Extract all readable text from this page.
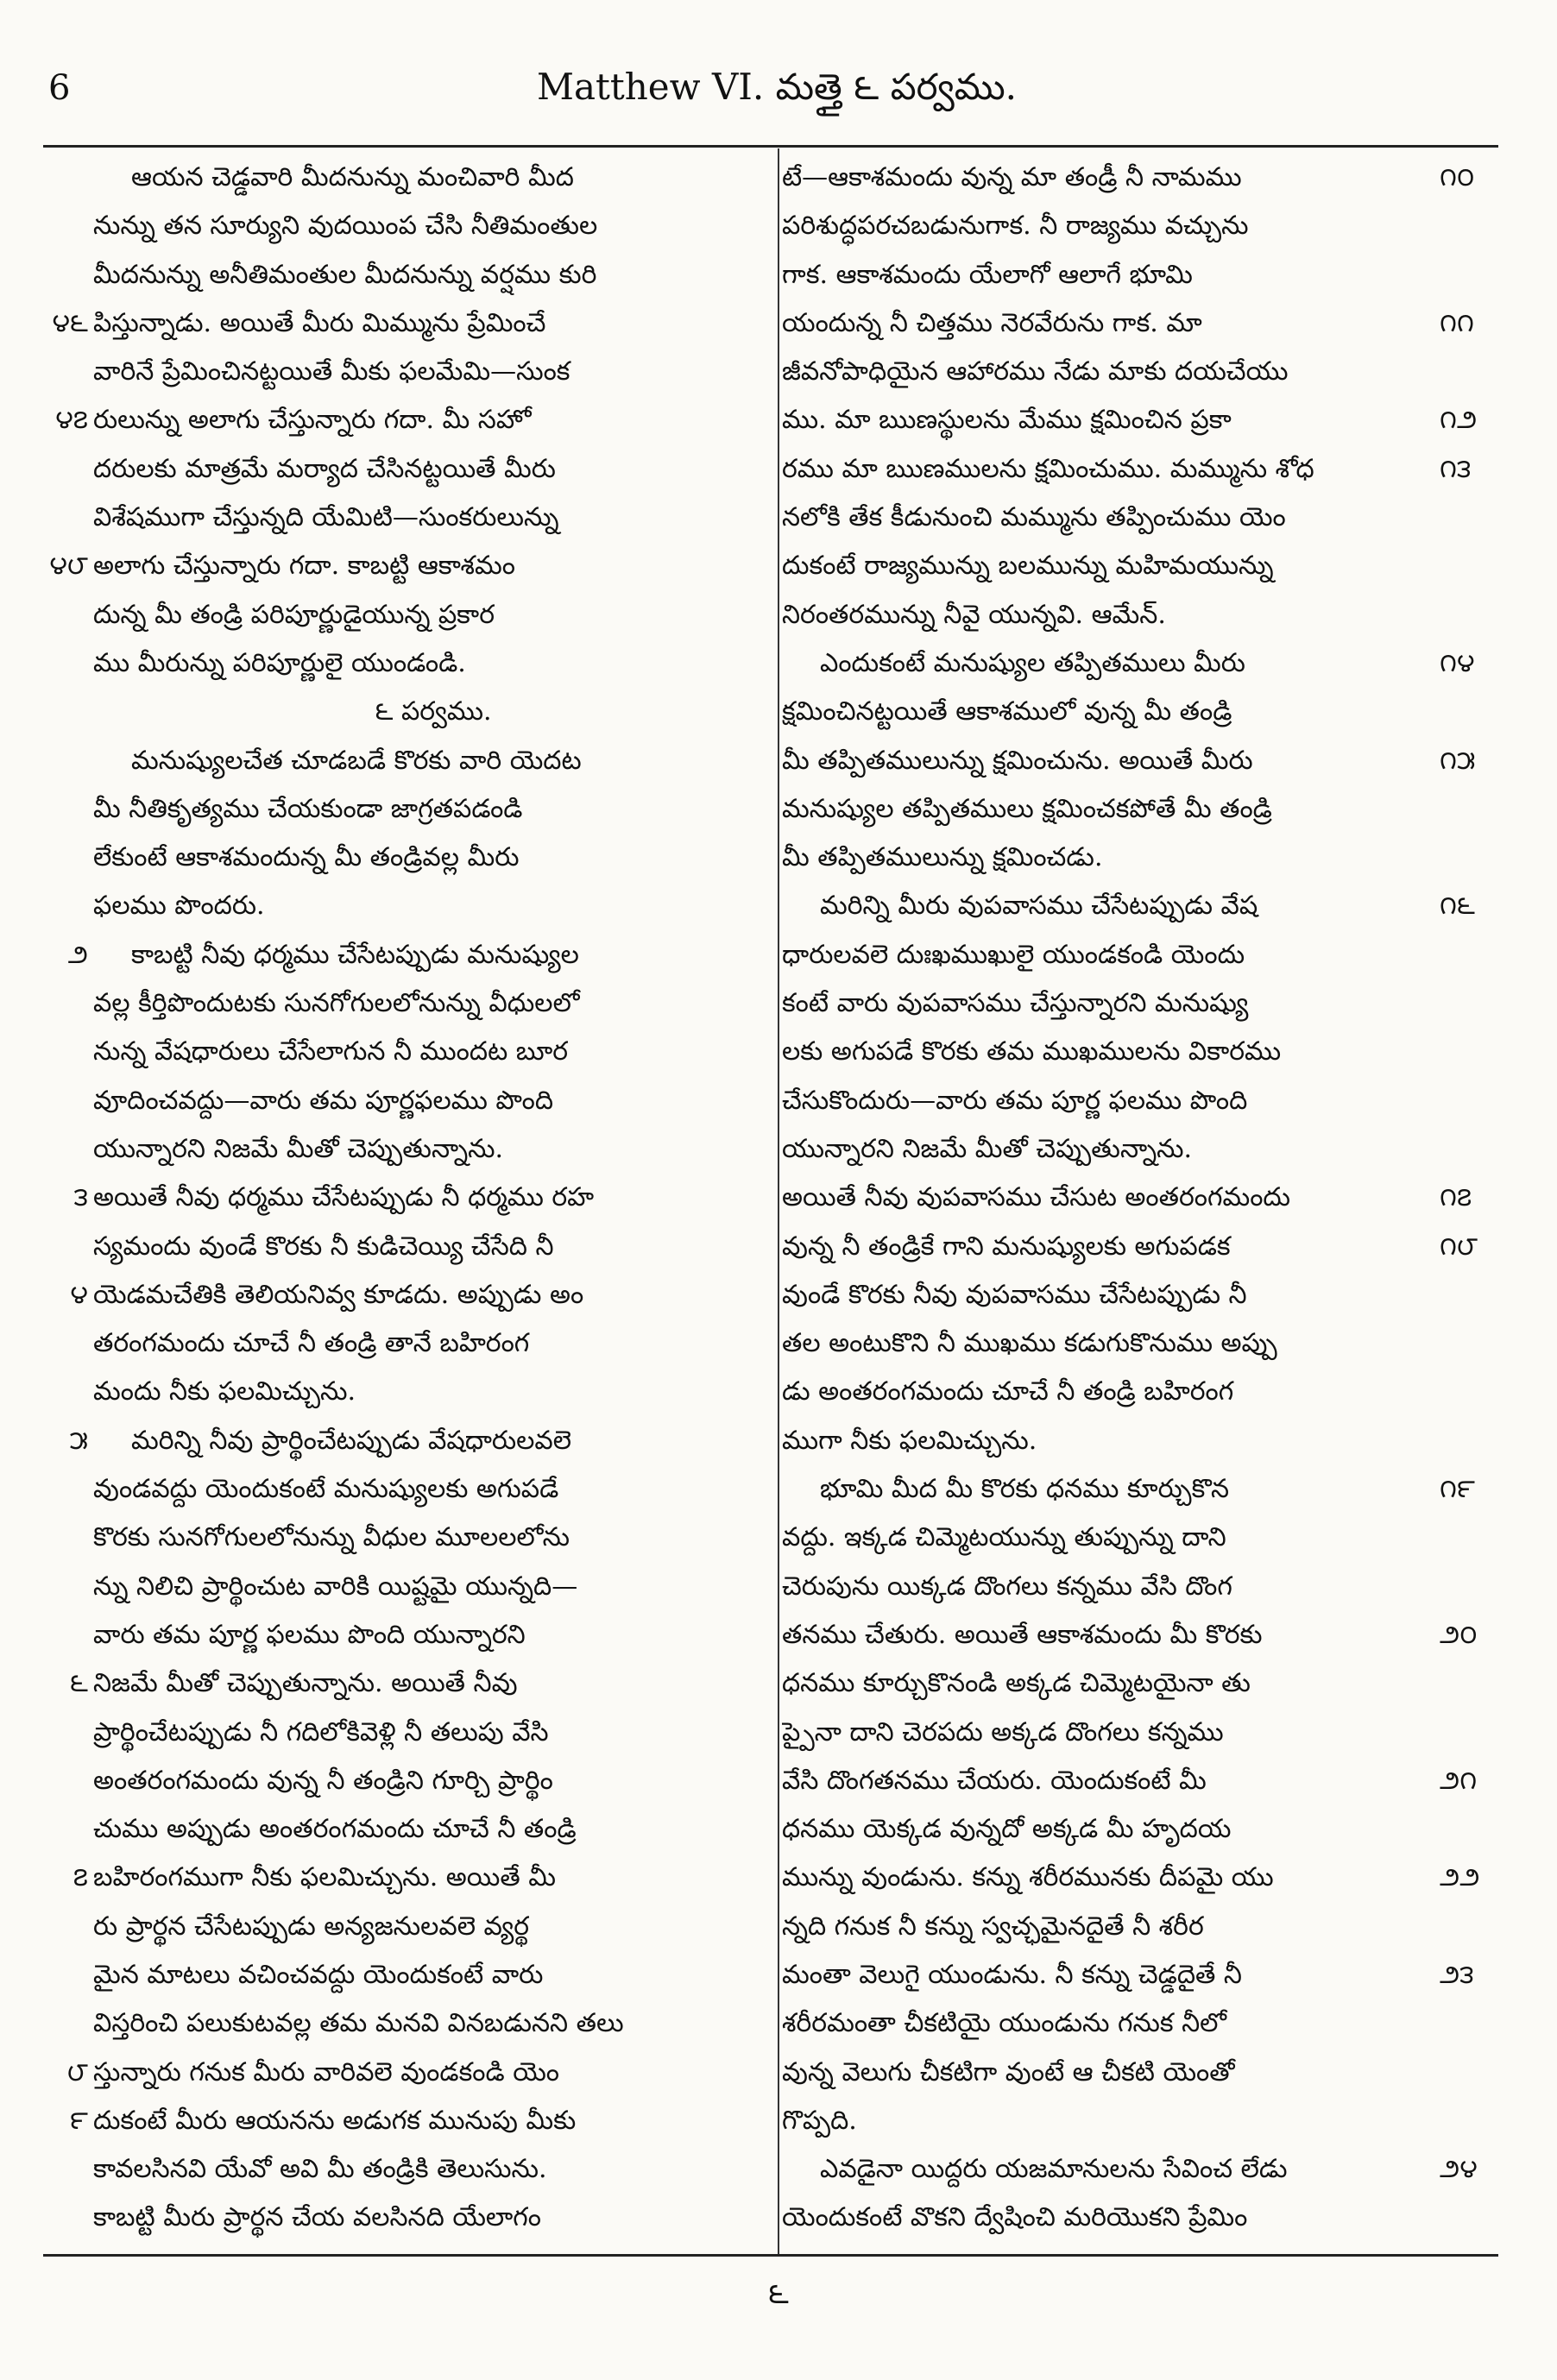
6	Matthew VI. మత్తై ౬ పర్వము.
ఆయన చెడ్డవారి మీదనున్ను మంచివారి మీద
నున్ను తన సూర్యుని వుదయింప చేసి నీతిమంతుల
మీదనున్ను అనీతిమంతుల మీదనున్ను వర్షము కురి
౪౬ పిస్తున్నాడు. అయితే మీరు మిమ్మును ప్రేమించే
వారినే ప్రేమించినట్టయితే మీకు ఫలమేమి—సుంక
౪౭ రులున్ను అలాగు చేస్తున్నారు గదా. మీ సహో
దరులకు మాత్రమే మర్యాద చేసినట్టయితే మీరు
విశేషముగా చేస్తున్నది యేమిటి—సుంకరులున్ను
౪౮ అలాగు చేస్తున్నారు గదా. కాబట్టి ఆకాశమం
దున్న మీ తండ్రి పరిపూర్ణుడైయున్న ప్రకార
ము మీరున్ను పరిపూర్ణులై యుండండి.
౬ పర్వము.
మనుష్యులచేత చూడబడే కొరకు వారి యెదట
మీ నీతికృత్యము చేయకుండా జాగ్రతపడండి
లేకుంటే ఆకాశమందున్న మీ తండ్రివల్ల మీరు
ఫలము పొందరు.
౨	కాబట్టి నీవు ధర్మము చేసేటప్పుడు మనుష్యుల
వల్ల కీర్తిపొందుటకు సునగోగులలోనున్ను వీధులలో
నున్న వేషధారులు చేసేలాగున నీ ముందట బూర
వూదించవద్దు—వారు తమ పూర్ణఫలము పొంది
యున్నారని నిజమే మీతో చెప్పుతున్నాను.
౩ అయితే నీవు ధర్మము చేసేటప్పుడు నీ ధర్మము రహ
స్యమందు వుండే కొరకు నీ కుడిచెయ్యి చేసేది నీ
౪ యెడమచేతికి తెలియనివ్వ కూడదు. అప్పుడు అం
తరంగమందు చూచే నీ తండ్రి తానే బహిరంగ
మందు నీకు ఫలమిచ్చును.
౫	మరిన్ని నీవు ప్రార్థించేటప్పుడు వేషధారులవలె
వుండవద్దు యెందుకంటే మనుష్యులకు అగుపడే
కొరకు సునగోగులలోనున్ను వీధుల మూలలలోను
న్ను నిలిచి ప్రార్థించుట వారికి యిష్టమై యున్నది—
వారు తమ పూర్ణ ఫలము పొంది యున్నారని
౬ నిజమే మీతో చెప్పుతున్నాను. అయితే నీవు
ప్రార్థించేటప్పుడు నీ గదిలోకివెళ్లి నీ తలుపు వేసి
అంతరంగమందు వున్న నీ తండ్రిని గూర్చి ప్రార్థిం
చుము అప్పుడు అంతరంగమందు చూచే నీ తండ్రి
౭ బహిరంగముగా నీకు ఫలమిచ్చును. అయితే మీ
రు ప్రార్థన చేసేటప్పుడు అన్యజనులవలె వ్యర్థ
మైన మాటలు వచించవద్దు యెందుకంటే వారు
విస్తరించి పలుకుటవల్ల తమ మనవి వినబడునని తలు
౮ స్తున్నారు గనుక మీరు వారివలె వుండకండి యెం
౯ దుకంటే మీరు ఆయనను అడుగక మునుపు మీకు
కావలసినవి యేవో అవి మీ తండ్రికి తెలుసును.
కాబట్టి మీరు ప్రార్థన చేయ వలసినది యేలాగం
౧౦
టే—ఆకాశమందు వున్న మా తండ్రీ నీ నామము
పరిశుద్ధపరచబడునుగాక. నీ రాజ్యము వచ్చును
గాక. ఆకాశమందు యేలాగో ఆలాగే భూమి
౧౧
యందున్న నీ చిత్తము నెరవేరును గాక. మా
జీవనోపాధియైన ఆహారము నేడు మాకు దయచేయు
౧౨
ము. మా ఋణస్థులను మేము క్షమించిన ప్రకా
౧౩
రము మా ఋణములను క్షమించుము. మమ్మును శోధ
నలోకి తేక కీడునుంచి మమ్మును తప్పించుము యెం
దుకంటే రాజ్యమున్ను బలమున్ను మహిమయున్ను
నిరంతరమున్ను నీవై యున్నవి. ఆమేన్.
౧౪
ఎందుకంటే మనుష్యుల తప్పితములు మీరు
క్షమించినట్టయితే ఆకాశములో వున్న మీ తండ్రి
౧౫
మీ తప్పితములున్ను క్షమించును. అయితే మీరు
మనుష్యుల తప్పితములు క్షమించకపోతే మీ తండ్రి
మీ తప్పితములున్ను క్షమించడు.
౧౬
మరిన్ని మీరు వుపవాసము చేసేటప్పుడు వేష
ధారులవలె దుఃఖముఖులై యుండకండి యెందు
కంటే వారు వుపవాసము చేస్తున్నారని మనుష్యు
లకు అగుపడే కొరకు తమ ముఖములను వికారము
చేసుకొందురు—వారు తమ పూర్ణ ఫలము పొంది
యున్నారని నిజమే మీతో చెప్పుతున్నాను.
౧౭
అయితే నీవు వుపవాసము చేసుట అంతరంగమందు
౧౮
వున్న నీ తండ్రికే గాని మనుష్యులకు అగుపడక
వుండే కొరకు నీవు వుపవాసము చేసేటప్పుడు నీ
తల అంటుకొని నీ ముఖము కడుగుకొనుము అప్పు
డు అంతరంగమందు చూచే నీ తండ్రి బహిరంగ
ముగా నీకు ఫలమిచ్చును.
౧౯
భూమి మీద మీ కొరకు ధనము కూర్చుకొన
వద్దు. ఇక్కడ చిమ్మెటయున్ను తుప్పున్ను దాని
చెరుపును యిక్కడ దొంగలు కన్నము వేసి దొంగ
౨౦
తనము చేతురు. అయితే ఆకాశమందు మీ కొరకు
ధనము కూర్చుకొనండి అక్కడ చిమ్మెటయైనా తు
ప్పైనా దాని చెరపదు అక్కడ దొంగలు కన్నము
౨౧
వేసి దొంగతనము చేయరు. యెందుకంటే మీ
ధనము యెక్కడ వున్నదో అక్కడ మీ హృదయ
౨౨
మున్ను వుండును. కన్ను శరీరమునకు దీపమై యు
న్నది గనుక నీ కన్ను స్వచ్ఛమైనదైతే నీ శరీర
౨౩
మంతా వెలుగై యుండును. నీ కన్ను చెడ్డదైతే నీ
శరీరమంతా చీకటియై యుండును గనుక నీలో
వున్న వెలుగు చీకటిగా వుంటే ఆ చీకటి యెంతో
గొప్పది.
౨౪
ఎవడైనా యిద్దరు యజమానులను సేవించ లేడు
యెందుకంటే వొకని ద్వేషించి మరియొకని ప్రేమిం
౬
